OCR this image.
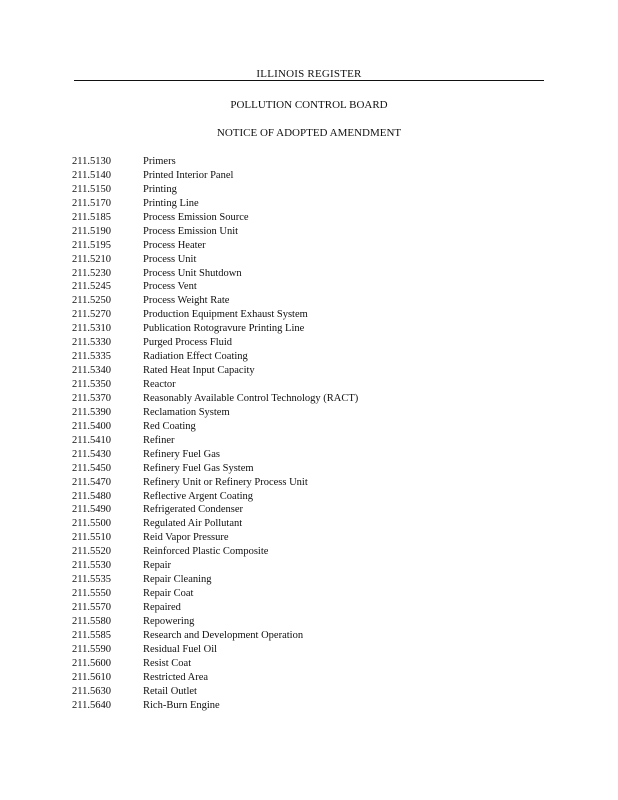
ILLINOIS REGISTER
POLLUTION CONTROL BOARD
NOTICE OF ADOPTED AMENDMENT
211.5130	Primers
211.5140	Printed Interior Panel
211.5150	Printing
211.5170	Printing Line
211.5185	Process Emission Source
211.5190	Process Emission Unit
211.5195	Process Heater
211.5210	Process Unit
211.5230	Process Unit Shutdown
211.5245	Process Vent
211.5250	Process Weight Rate
211.5270	Production Equipment Exhaust System
211.5310	Publication Rotogravure Printing Line
211.5330	Purged Process Fluid
211.5335	Radiation Effect Coating
211.5340	Rated Heat Input Capacity
211.5350	Reactor
211.5370	Reasonably Available Control Technology (RACT)
211.5390	Reclamation System
211.5400	Red Coating
211.5410	Refiner
211.5430	Refinery Fuel Gas
211.5450	Refinery Fuel Gas System
211.5470	Refinery Unit or Refinery Process Unit
211.5480	Reflective Argent Coating
211.5490	Refrigerated Condenser
211.5500	Regulated Air Pollutant
211.5510	Reid Vapor Pressure
211.5520	Reinforced Plastic Composite
211.5530	Repair
211.5535	Repair Cleaning
211.5550	Repair Coat
211.5570	Repaired
211.5580	Repowering
211.5585	Research and Development Operation
211.5590	Residual Fuel Oil
211.5600	Resist Coat
211.5610	Restricted Area
211.5630	Retail Outlet
211.5640	Rich-Burn Engine
